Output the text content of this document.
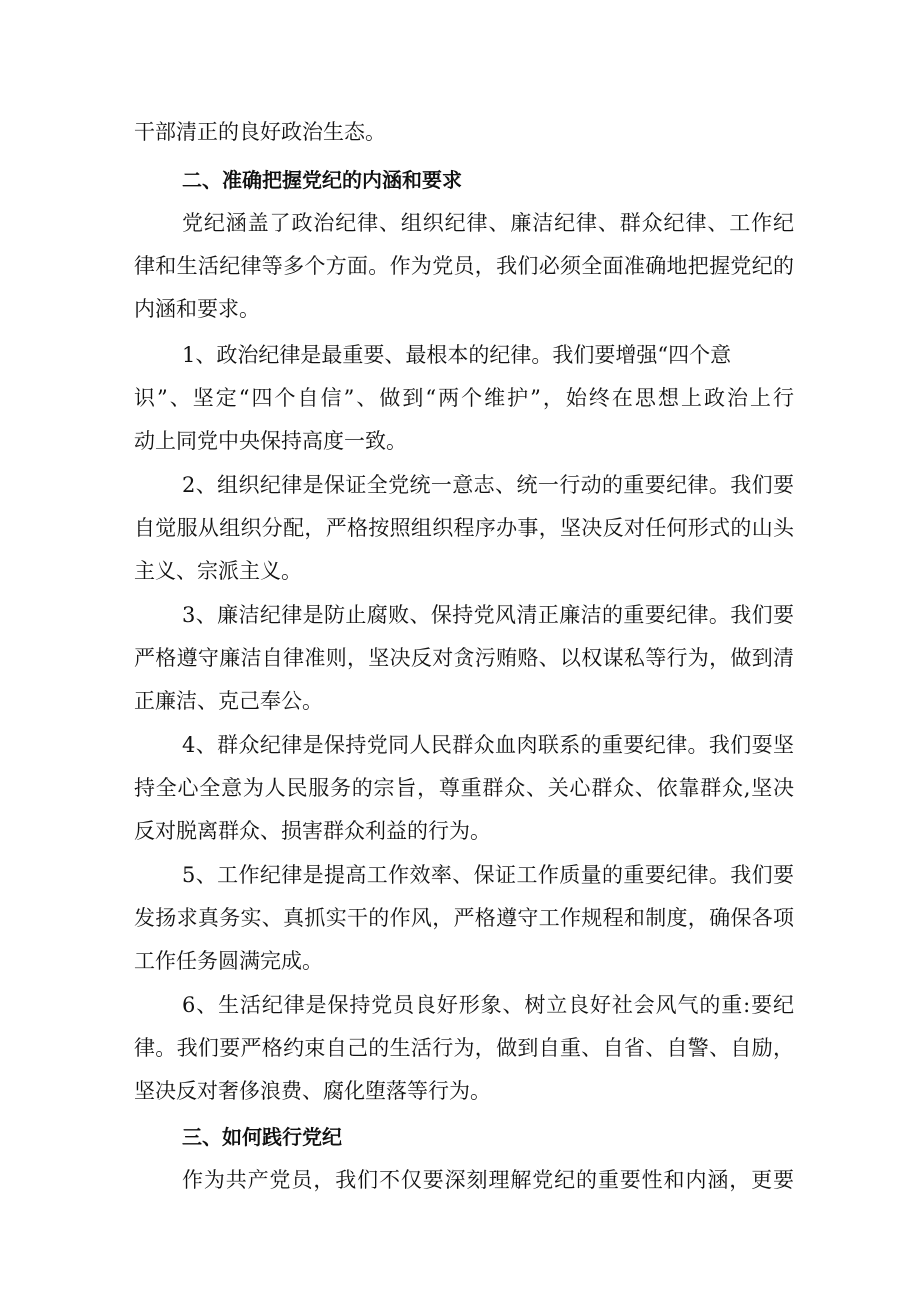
干部清正的良好政治生态。
二、准确把握党纪的内涵和要求
党纪涵盖了政治纪律、组织纪律、廉洁纪律、群众纪律、工作纪
律和生活纪律等多个方面。作为党员，我们必须全面准确地把握党纪的
内涵和要求。
1、政治纪律是最重要、最根本的纪律。我们要增强“四个意
识”、坚定“四个自信”、做到“两个维护”，始终在思想上政治上行
动上同党中央保持高度一致。
2、组织纪律是保证全党统一意志、统一行动的重要纪律。我们要
自觉服从组织分配，严格按照组织程序办事，坚决反对任何形式的山头
主义、宗派主义。
3、廉洁纪律是防止腐败、保持党风清正廉洁的重要纪律。我们要
严格遵守廉洁自律准则，坚决反对贪污贿赂、以权谋私等行为，做到清
正廉洁、克己奉公。
4、群众纪律是保持党同人民群众血肉联系的重要纪律。我们耍坚
持全心全意为人民服务的宗旨，尊重群众、关心群众、依靠群众,坚决
反对脱离群众、损害群众利益的行为。
5、工作纪律是提高工作效率、保证工作质量的重要纪律。我们要
发扬求真务实、真抓实干的作风，严格遵守工作规程和制度，确保各项
工作任务圆满完成。
6、生活纪律是保持党员良好形象、树立良好社会风气的重:要纪
律。我们要严格约束自己的生活行为，做到自重、自省、自警、自励，
坚决反对奢侈浪费、腐化堕落等行为。
三、如何践行党纪
作为共产党员，我们不仅要深刻理解党纪的重要性和内涵，更要
